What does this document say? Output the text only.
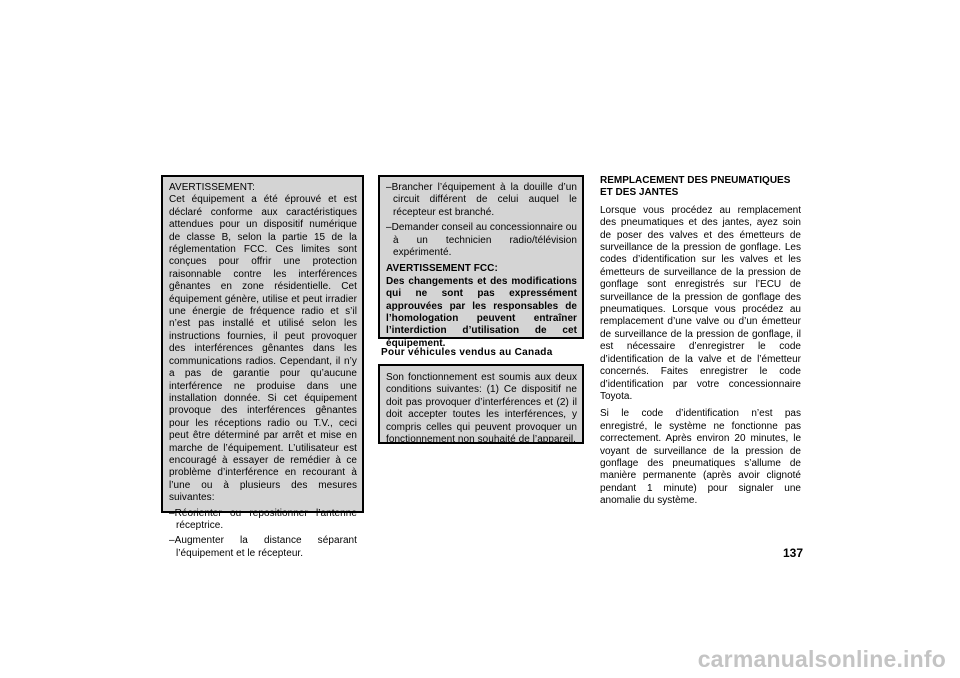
AVERTISSEMENT:

Cet équipement a été éprouvé et est déclaré conforme aux caractéristiques attendues pour un dispositif numérique de classe B, selon la partie 15 de la réglementation FCC. Ces limites sont conçues pour offrir une protection raisonnable contre les interférences gênantes en zone résidentielle. Cet équipement génère, utilise et peut irradier une énergie de fréquence radio et s’il n’est pas installé et utilisé selon les instructions fournies, il peut provoquer des interférences gênantes dans les communications radios. Cependant, il n’y a pas de garantie pour qu’aucune interférence ne produise dans une installation donnée. Si cet équipement provoque des interférences gênantes pour les réceptions radio ou T.V., ceci peut être déterminé par arrêt et mise en marche de l’équipement. L’utilisateur est encouragé à essayer de remédier à ce problème d’interférence en recourant à l’une ou à plusieurs des mesures suivantes:

–Réorienter ou repositionner l’antenne réceptrice.

–Augmenter la distance séparant l’équipement et le récepteur.

–Brancher l’équipement à la douille d’un circuit différent de celui auquel le récepteur est branché.

–Demander conseil au concessionnaire ou à un technicien radio/télévision expérimenté.

AVERTISSEMENT FCC:

Des changements et des modifications qui ne sont pas expressément approuvées par les responsables de l’homologation peuvent entraîner l’interdiction d’utilisation de cet équipement.

Pour véhicules vendus au Canada

Son fonctionnement est soumis aux deux conditions suivantes: (1) Ce dispositif ne doit pas provoquer d’interférences et (2) il doit accepter toutes les interférences, y compris celles qui peuvent provoquer un fonctionnement non souhaité de l’appareil.

REMPLACEMENT DES PNEUMATIQUES ET DES JANTES

Lorsque vous procédez au remplacement des pneumatiques et des jantes, ayez soin de poser des valves et des émetteurs de surveillance de la pression de gonflage. Les codes d’identification sur les valves et les émetteurs de surveillance de la pression de gonflage sont enregistrés sur l’ECU de surveillance de la pression de gonflage des pneumatiques. Lorsque vous procédez au remplacement d’une valve ou d’un émetteur de surveillance de la pression de gonflage, il est nécessaire d’enregistrer le code d’identification de la valve et de l’émetteur concernés. Faites enregistrer le code d’identification par votre concessionnaire Toyota.

Si le code d’identification n’est pas enregistré, le système ne fonctionne pas correctement. Après environ 20 minutes, le voyant de surveillance de la pression de gonflage des pneumatiques s’allume de manière permanente (après avoir clignoté pendant 1 minute) pour signaler une anomalie du système.

137
carmanualsonline.info
